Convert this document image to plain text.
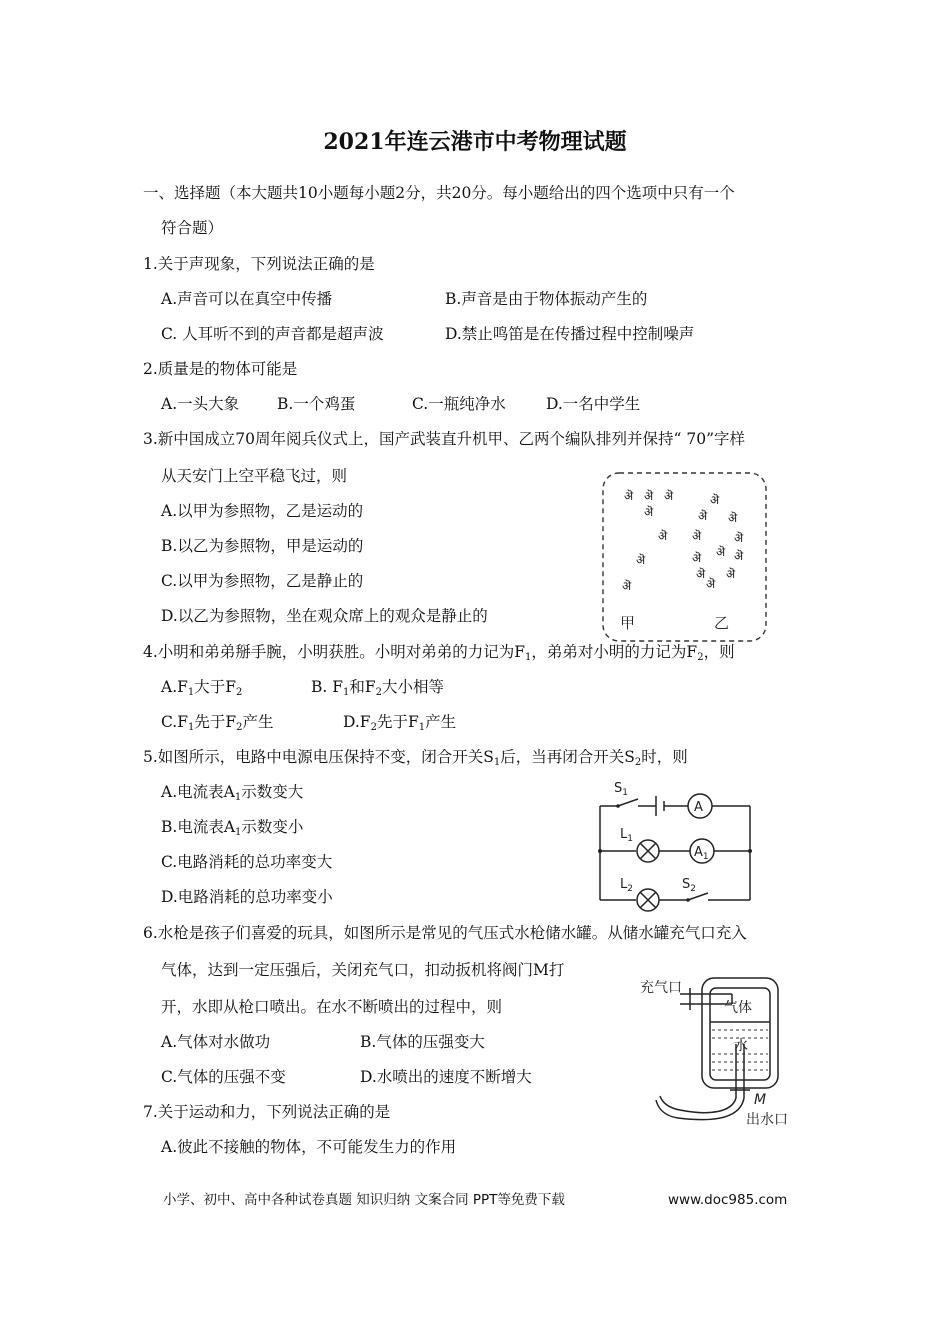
2021年连云港市中考物理试题
一、选择题（本大题共10小题每小题2分，共20分。每小题给出的四个选项中只有一个
符合题）
1.关于声现象，下列说法正确的是
A.声音可以在真空中传播	B.声音是由于物体振动产生的
C. 人耳听不到的声音都是超声波	D.禁止鸣笛是在传播过程中控制噪声
2.质量是的物体可能是
A.一头大象 B.一个鸡蛋	C.一瓶纯净水	D.一名中学生
3.新中国成立70周年阅兵仪式上，国产武装直升机甲、乙两个编队排列并保持“ 70”字样
从天安门上空平稳飞过，则
A.以甲为参照物，乙是运动的
B.以乙为参照物，甲是运动的
C.以甲为参照物，乙是静止的
D.以乙为参照物，坐在观众席上的观众是静止的
ऄ ऄ ऄ
ऄ
ऄ
ऄ
ऄ
ऄ
ऄ ऄ
ऄ	ऄ
ऄ ऄ ऄ
ऄ ऄ
ऄ
甲	乙
4.小明和弟弟掰手腕，小明获胜。小明对弟弟的力记为$F_1$，弟弟对小明的力记为$F_2$，则
$A.F_1$大于$F_2$	B. $F_1$和$F_2$大小相等
$C.F_1$先于$F_2$产生	$D.F_2$先于$F_1$产生
5.如图所示，电路中电源电压保持不变，闭合开关$S_1$后，当再闭合开关$S_2$时，则
A.电流表$A_1$示数变大
B.电流表$A_1$示数变小
C.电路消耗的总功率变大
D.电路消耗的总功率变小
$S_1$
A
$L_1$
$A_1$
$L_2$	$S_2$
6.水枪是孩子们喜爱的玩具，如图所示是常见的气压式水枪储水罐。从储水罐充气口充入
气体，达到一定压强后，关闭充气口，扣动扳机将阀门M打
开，水即从枪口喷出。在水不断喷出的过程中，则
A.气体对水做功	B.气体的压强变大
C.气体的压强不变	D.水喷出的速度不断增大
充气口
气体
水
M
出水口
7.关于运动和力，下列说法正确的是
A.彼此不接触的物体，不可能发生力的作用
小学、初中、高中各种试卷真题 知识归纳 文案合同 PPT等免费下载	www.doc985.com
